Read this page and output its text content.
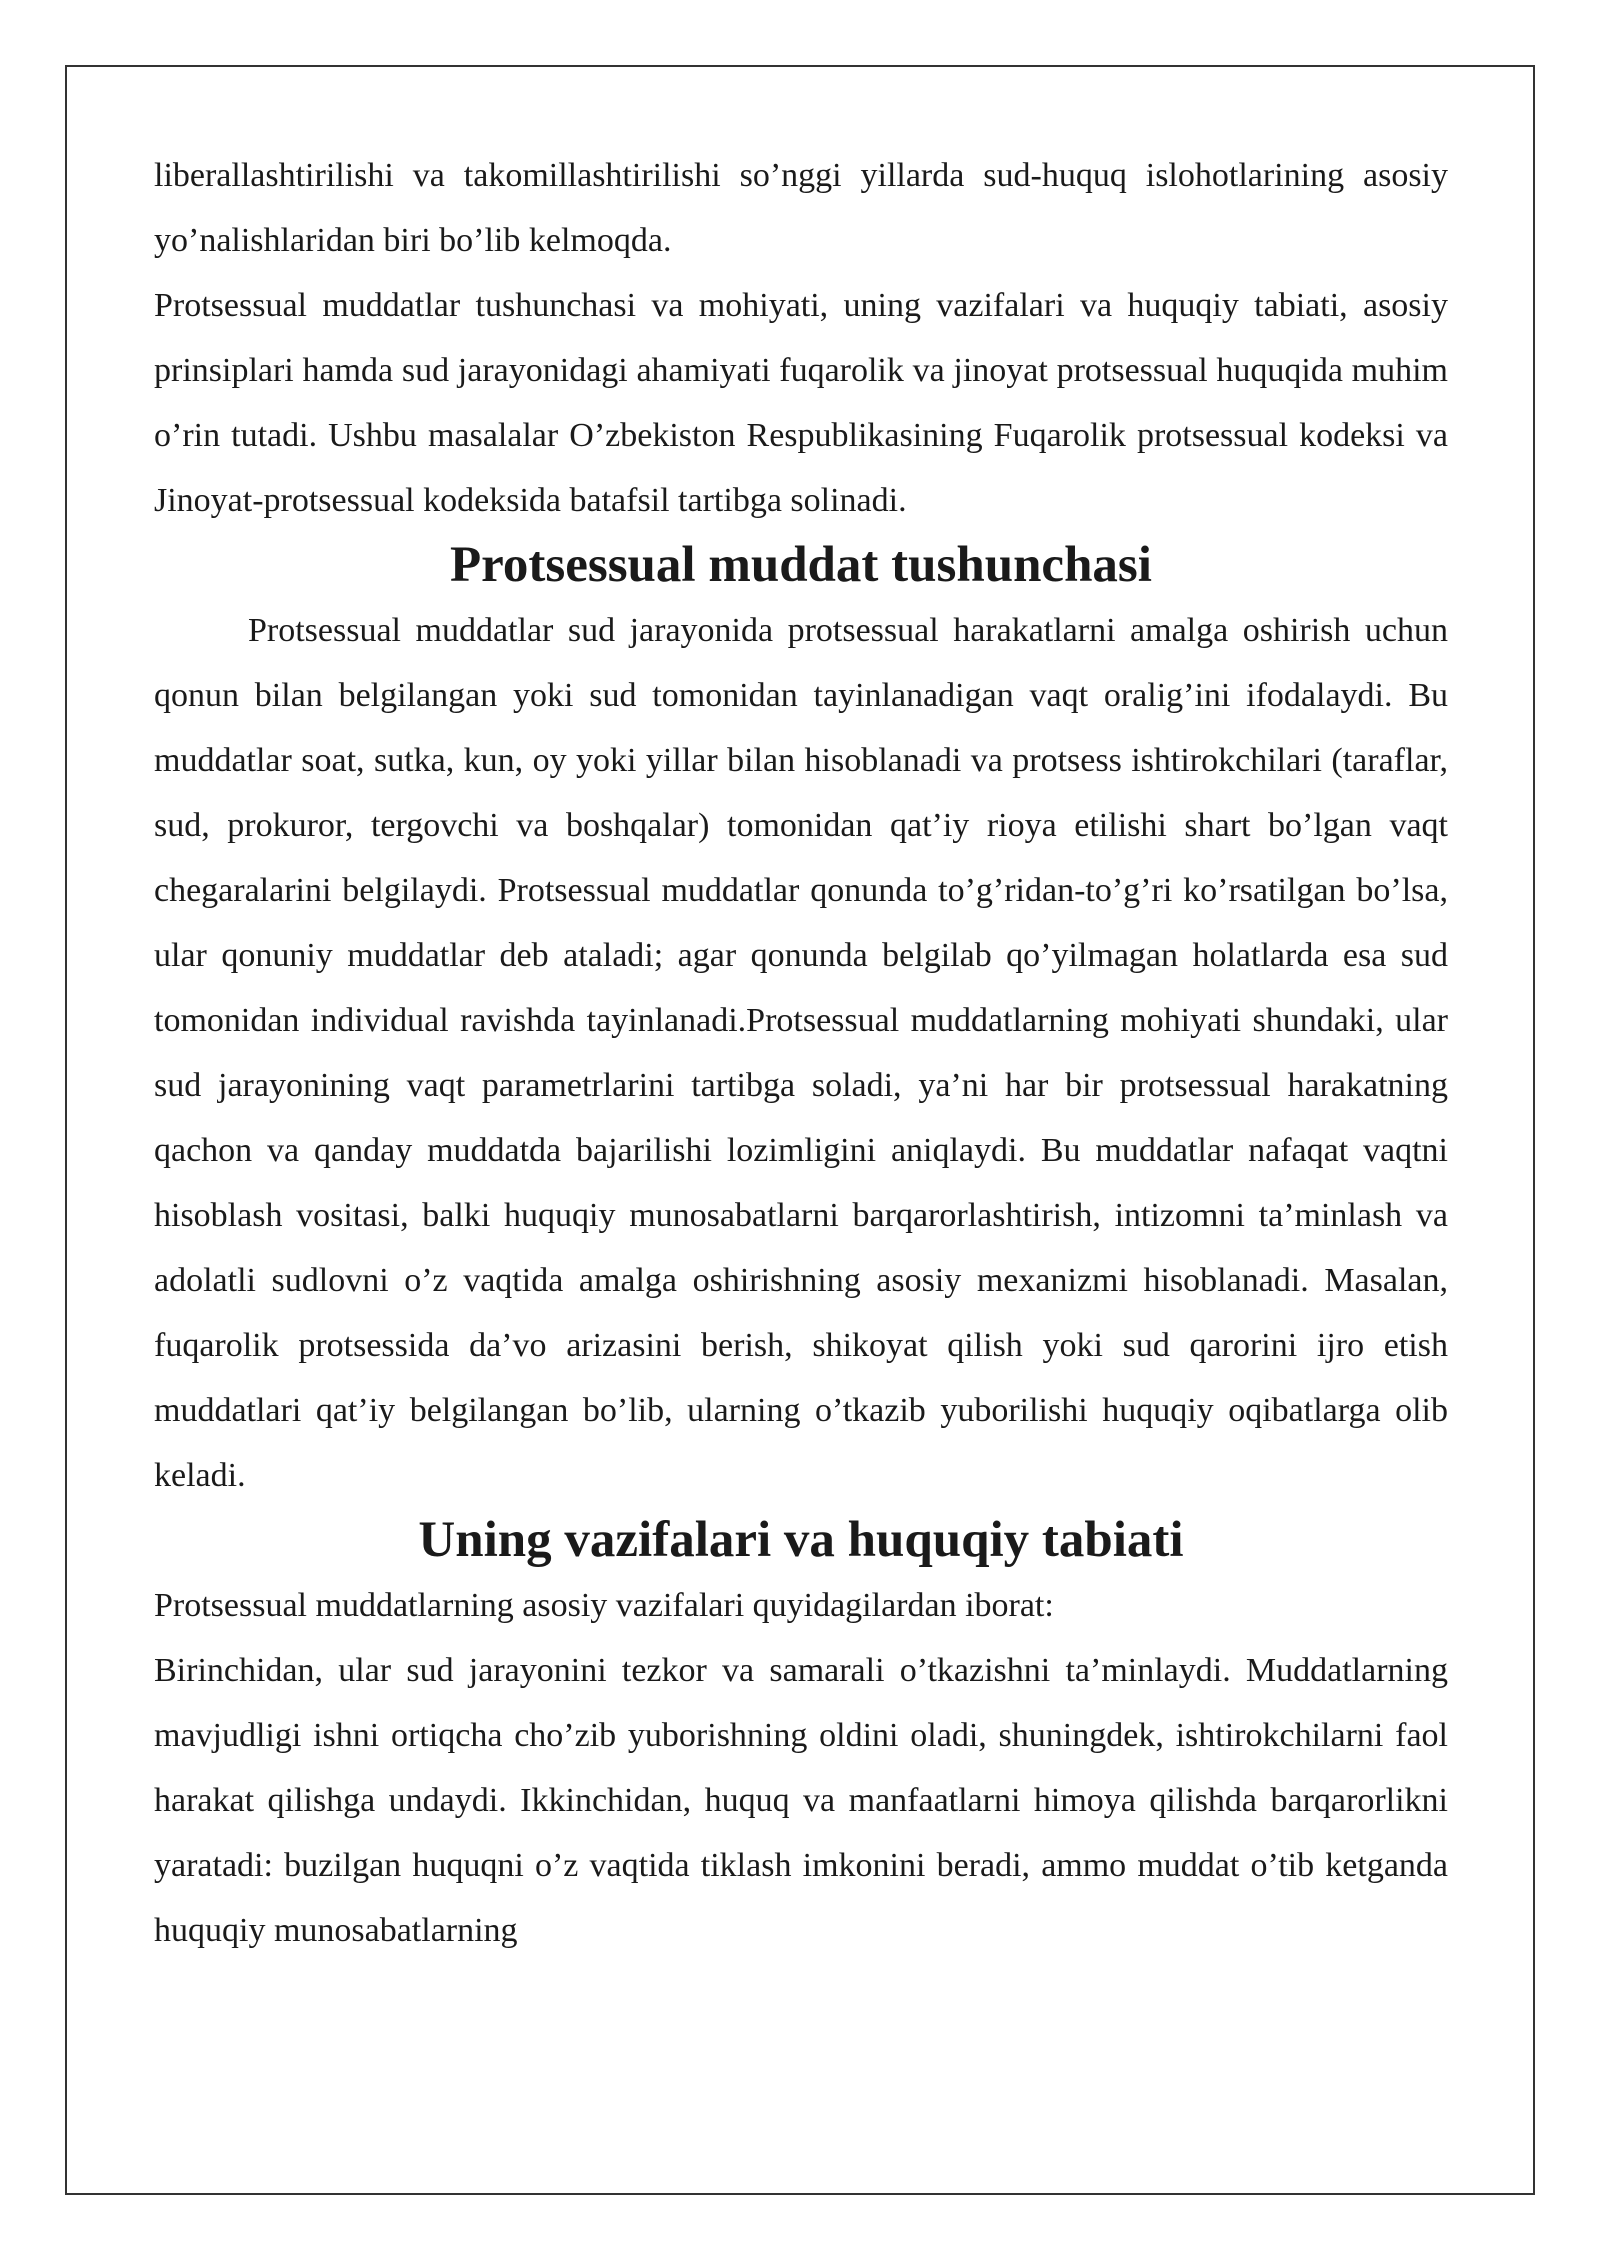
liberallashtirilishi va takomillashtirilishi so’nggi yillarda sud-huquq islohotlarining asosiy yo’nalishlaridan biri bo’lib kelmoqda.

Protsessual muddatlar tushunchasi va mohiyati, uning vazifalari va huquqiy tabiati, asosiy prinsiplari hamda sud jarayonidagi ahamiyati fuqarolik va jinoyat protsessual huquqida muhim o’rin tutadi. Ushbu masalalar O’zbekiston Respublikasining Fuqarolik protsessual kodeksi va Jinoyat-protsessual kodeksida batafsil tartibga solinadi.

Protsessual muddat tushunchasi

Protsessual muddatlar sud jarayonida protsessual harakatlarni amalga oshirish uchun qonun bilan belgilangan yoki sud tomonidan tayinlanadigan vaqt oralig’ini ifodalaydi. Bu muddatlar soat, sutka, kun, oy yoki yillar bilan hisoblanadi va protsess ishtirokchilari (taraflar, sud, prokuror, tergovchi va boshqalar) tomonidan qat’iy rioya etilishi shart bo’lgan vaqt chegaralarini belgilaydi. Protsessual muddatlar qonunda to’g’ridan-to’g’ri ko’rsatilgan bo’lsa, ular qonuniy muddatlar deb ataladi; agar qonunda belgilab qo’yilmagan holatlarda esa sud tomonidan individual ravishda tayinlanadi.Protsessual muddatlarning mohiyati shundaki, ular sud jarayonining vaqt parametrlarini tartibga soladi, ya’ni har bir protsessual harakatning qachon va qanday muddatda bajarilishi lozimligini aniqlaydi. Bu muddatlar nafaqat vaqtni hisoblash vositasi, balki huquqiy munosabatlarni barqarorlashtirish, intizomni ta’minlash va adolatli sudlovni o’z vaqtida amalga oshirishning asosiy mexanizmi hisoblanadi. Masalan, fuqarolik protsessida da’vo arizasini berish, shikoyat qilish yoki sud qarorini ijro etish muddatlari qat’iy belgilangan bo’lib, ularning o’tkazib yuborilishi huquqiy oqibatlarga olib keladi.

Uning vazifalari va huquqiy tabiati

Protsessual muddatlarning asosiy vazifalari quyidagilardan iborat:

Birinchidan, ular sud jarayonini tezkor va samarali o’tkazishni ta’minlaydi. Muddatlarning mavjudligi ishni ortiqcha cho’zib yuborishning oldini oladi, shuningdek, ishtirokchilarni faol harakat qilishga undaydi. Ikkinchidan, huquq va manfaatlarni himoya qilishda barqarorlikni yaratadi: buzilgan huquqni o’z vaqtida tiklash imkonini beradi, ammo muddat o’tib ketganda huquqiy munosabatlarning
